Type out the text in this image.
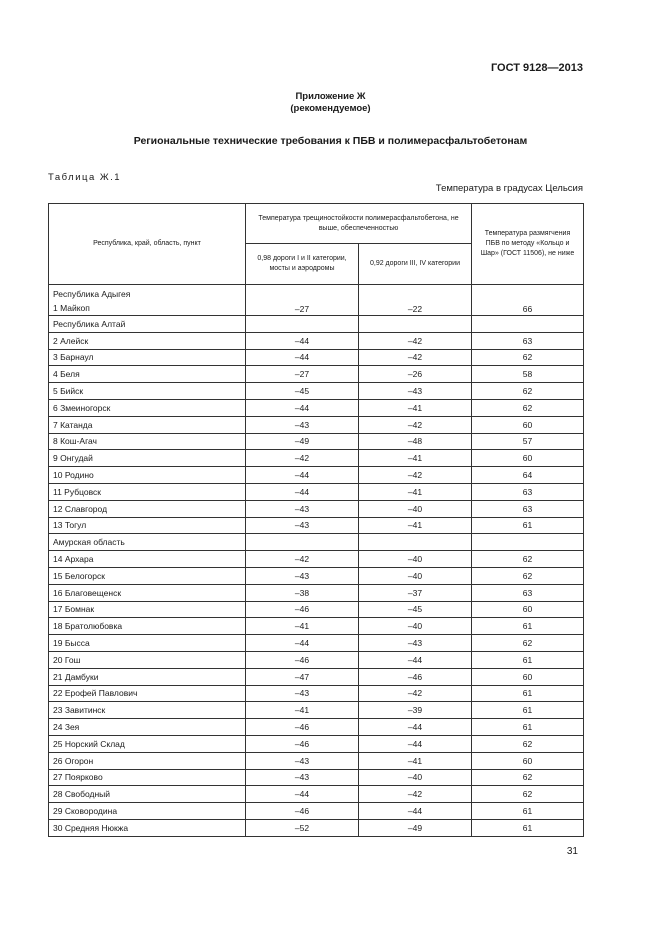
ГОСТ 9128—2013
Приложение Ж
(рекомендуемое)
Региональные технические требования к ПБВ и полимерасфальтобетонам
Таблица Ж.1
Температура в градусах Цельсия
Республика, край, область, пункт	Температура трещиностойкости полимерасфальтобетона, не выше, обеспеченностью		Температура размягчения ПБВ по методу «Кольцо и Шар» (ГОСТ 11506), не ниже
	0,98 дороги I и II категории, мосты и аэродромы	0,92 дороги III, IV категории	

Республика Адыгея
1 Майкоп	–27	–22	66
Республика Алтай			
2 Алейск	–44	–42	63
3 Барнаул	–44	–42	62
4 Беля	–27	–26	58
5 Бийск	–45	–43	62
6 Змеиногорск	–44	–41	62
7 Катанда	–43	–42	60
8 Кош-Агач	–49	–48	57
9 Онгудай	–42	–41	60
10 Родино	–44	–42	64
11 Рубцовск	–44	–41	63
12 Славгород	–43	–40	63
13 Тогул	–43	–41	61
Амурская область			
14 Архара	–42	–40	62
15 Белогорск	–43	–40	62
16 Благовещенск	–38	–37	63
17 Бомнак	–46	–45	60
18 Братолюбовка	–41	–40	61
19 Бысса	–44	–43	62
20 Гош	–46	–44	61
21 Дамбуки	–47	–46	60
22 Ерофей Павлович	–43	–42	61
23 Завитинск	–41	–39	61
24 Зея	–46	–44	61
25 Норский Склад	–46	–44	62
26 Огорон	–43	–41	60
27 Поярково	–43	–40	62
28 Свободный	–44	–42	62
29 Сковородина	–46	–44	61
30 Средняя Нюкжа	–52	–49	61
31
